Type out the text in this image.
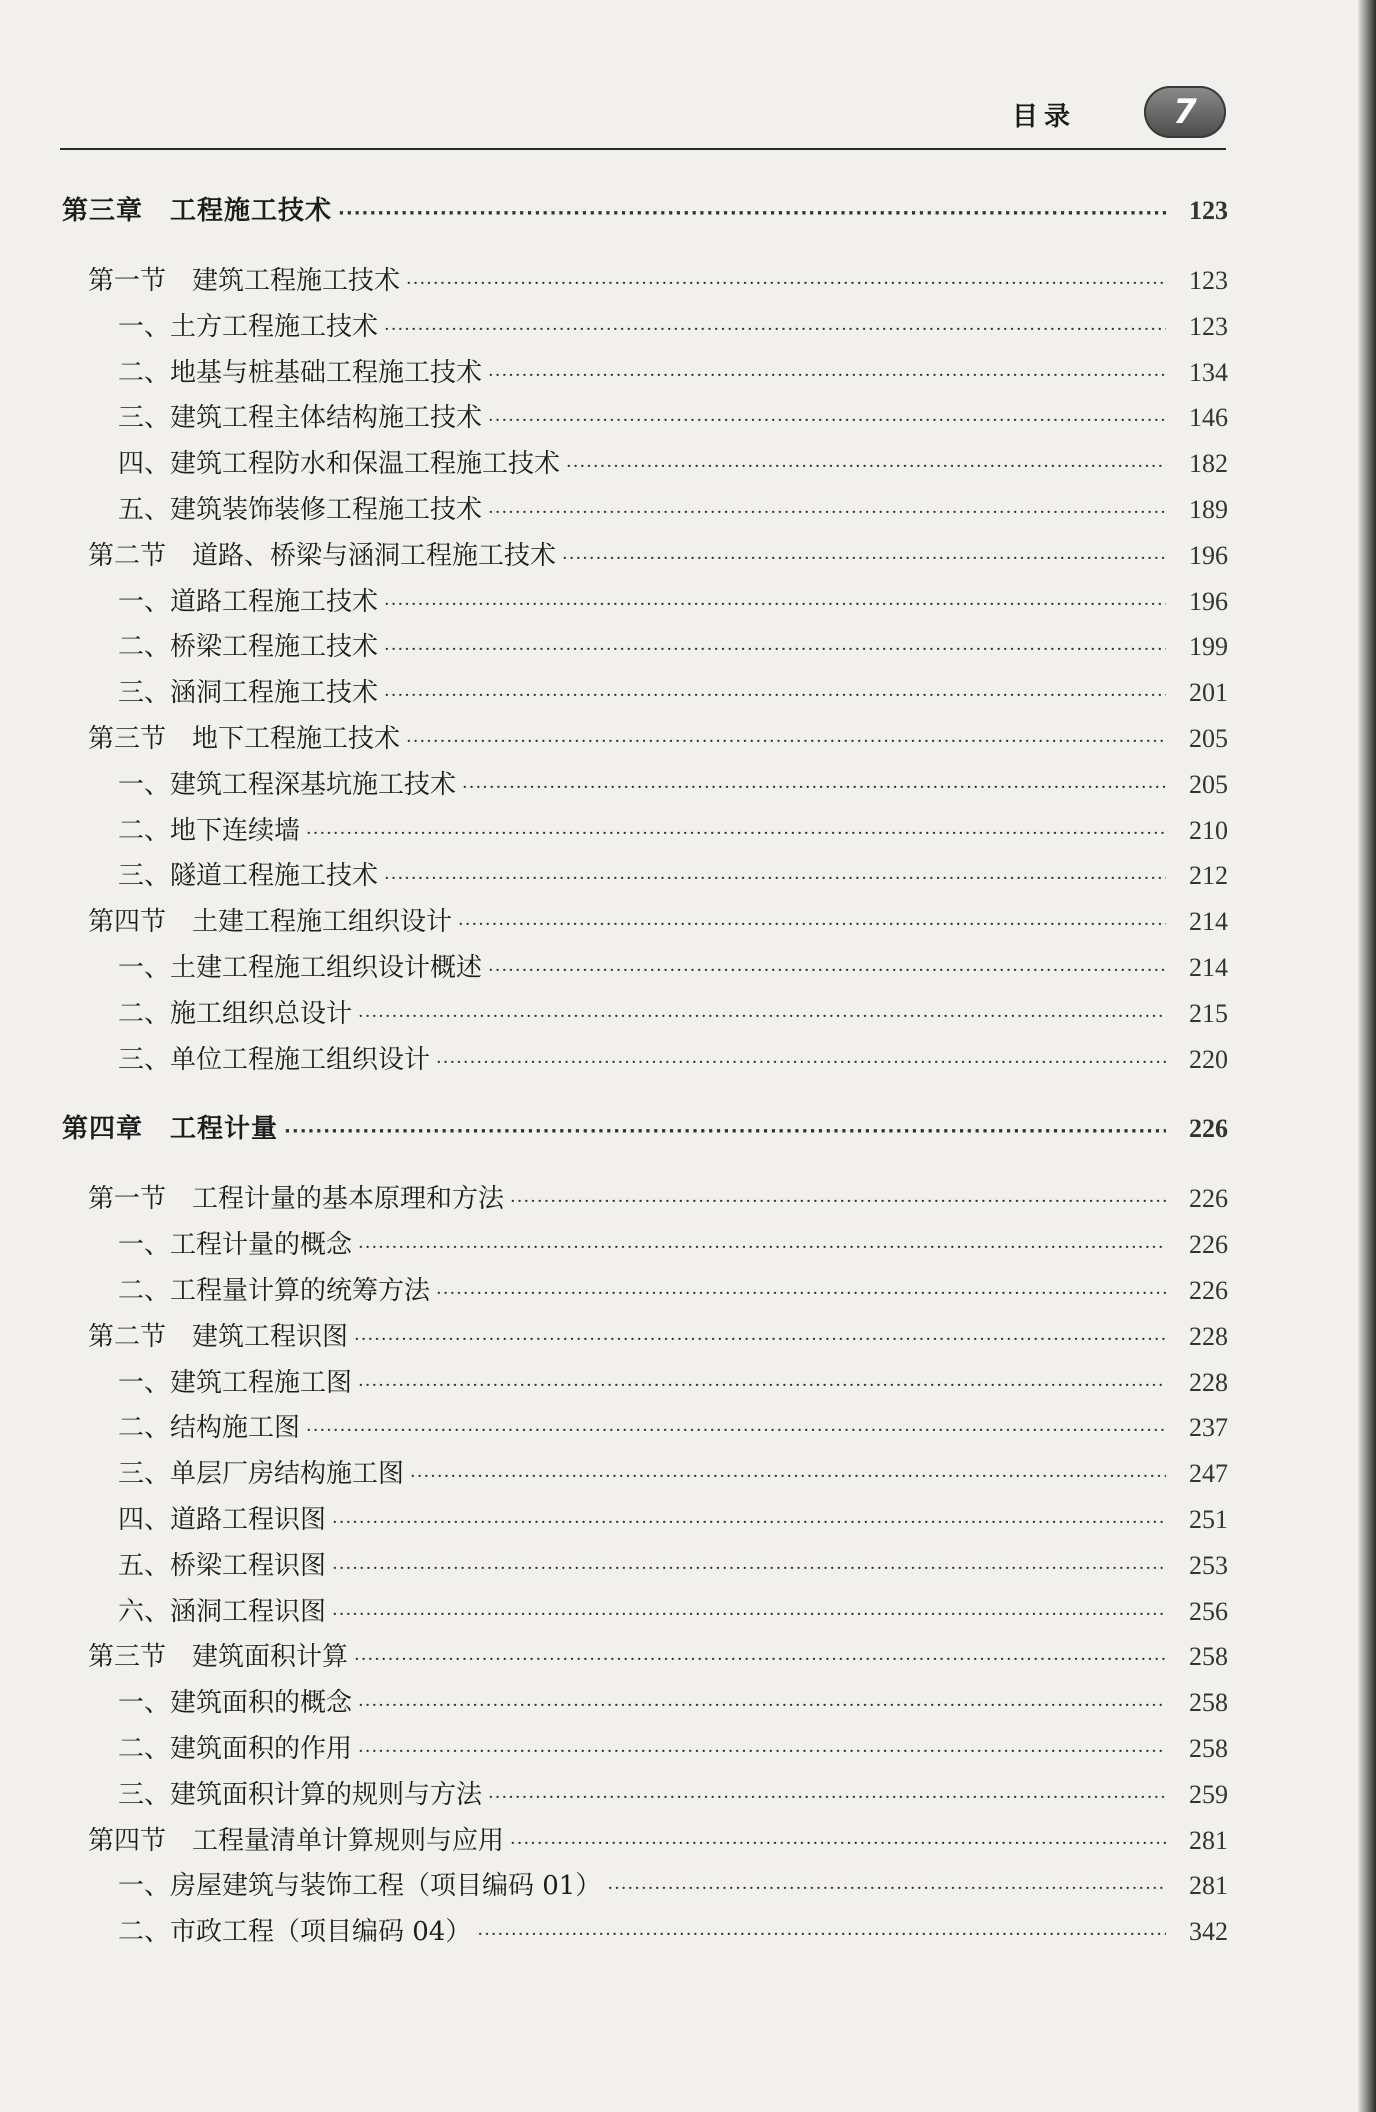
目录	7
第三章　工程施工技术 ·····	123
第一节　建筑工程施工技术 ·····	123
一、土方工程施工技术 ·····	123
二、地基与桩基础工程施工技术 ·····	134
三、建筑工程主体结构施工技术 ·····	146
四、建筑工程防水和保温工程施工技术 ·····	182
五、建筑装饰装修工程施工技术 ·····	189
第二节　道路、桥梁与涵洞工程施工技术 ·····	196
一、道路工程施工技术 ·····	196
二、桥梁工程施工技术 ·····	199
三、涵洞工程施工技术 ·····	201
第三节　地下工程施工技术 ·····	205
一、建筑工程深基坑施工技术 ·····	205
二、地下连续墙 ·····	210
三、隧道工程施工技术 ·····	212
第四节　土建工程施工组织设计 ·····	214
一、土建工程施工组织设计概述 ·····	214
二、施工组织总设计 ·····	215
三、单位工程施工组织设计 ·····	220
第四章　工程计量 ·····	226
第一节　工程计量的基本原理和方法 ·····	226
一、工程计量的概念 ·····	226
二、工程量计算的统筹方法 ·····	226
第二节　建筑工程识图 ·····	228
一、建筑工程施工图 ·····	228
二、结构施工图 ·····	237
三、单层厂房结构施工图 ·····	247
四、道路工程识图 ·····	251
五、桥梁工程识图 ·····	253
六、涵洞工程识图 ·····	256
第三节　建筑面积计算 ·····	258
一、建筑面积的概念 ·····	258
二、建筑面积的作用 ·····	258
三、建筑面积计算的规则与方法 ·····	259
第四节　工程量清单计算规则与应用 ·····	281
一、房屋建筑与装饰工程（项目编码 01） ·····	281
二、市政工程（项目编码 04） ·····	342
